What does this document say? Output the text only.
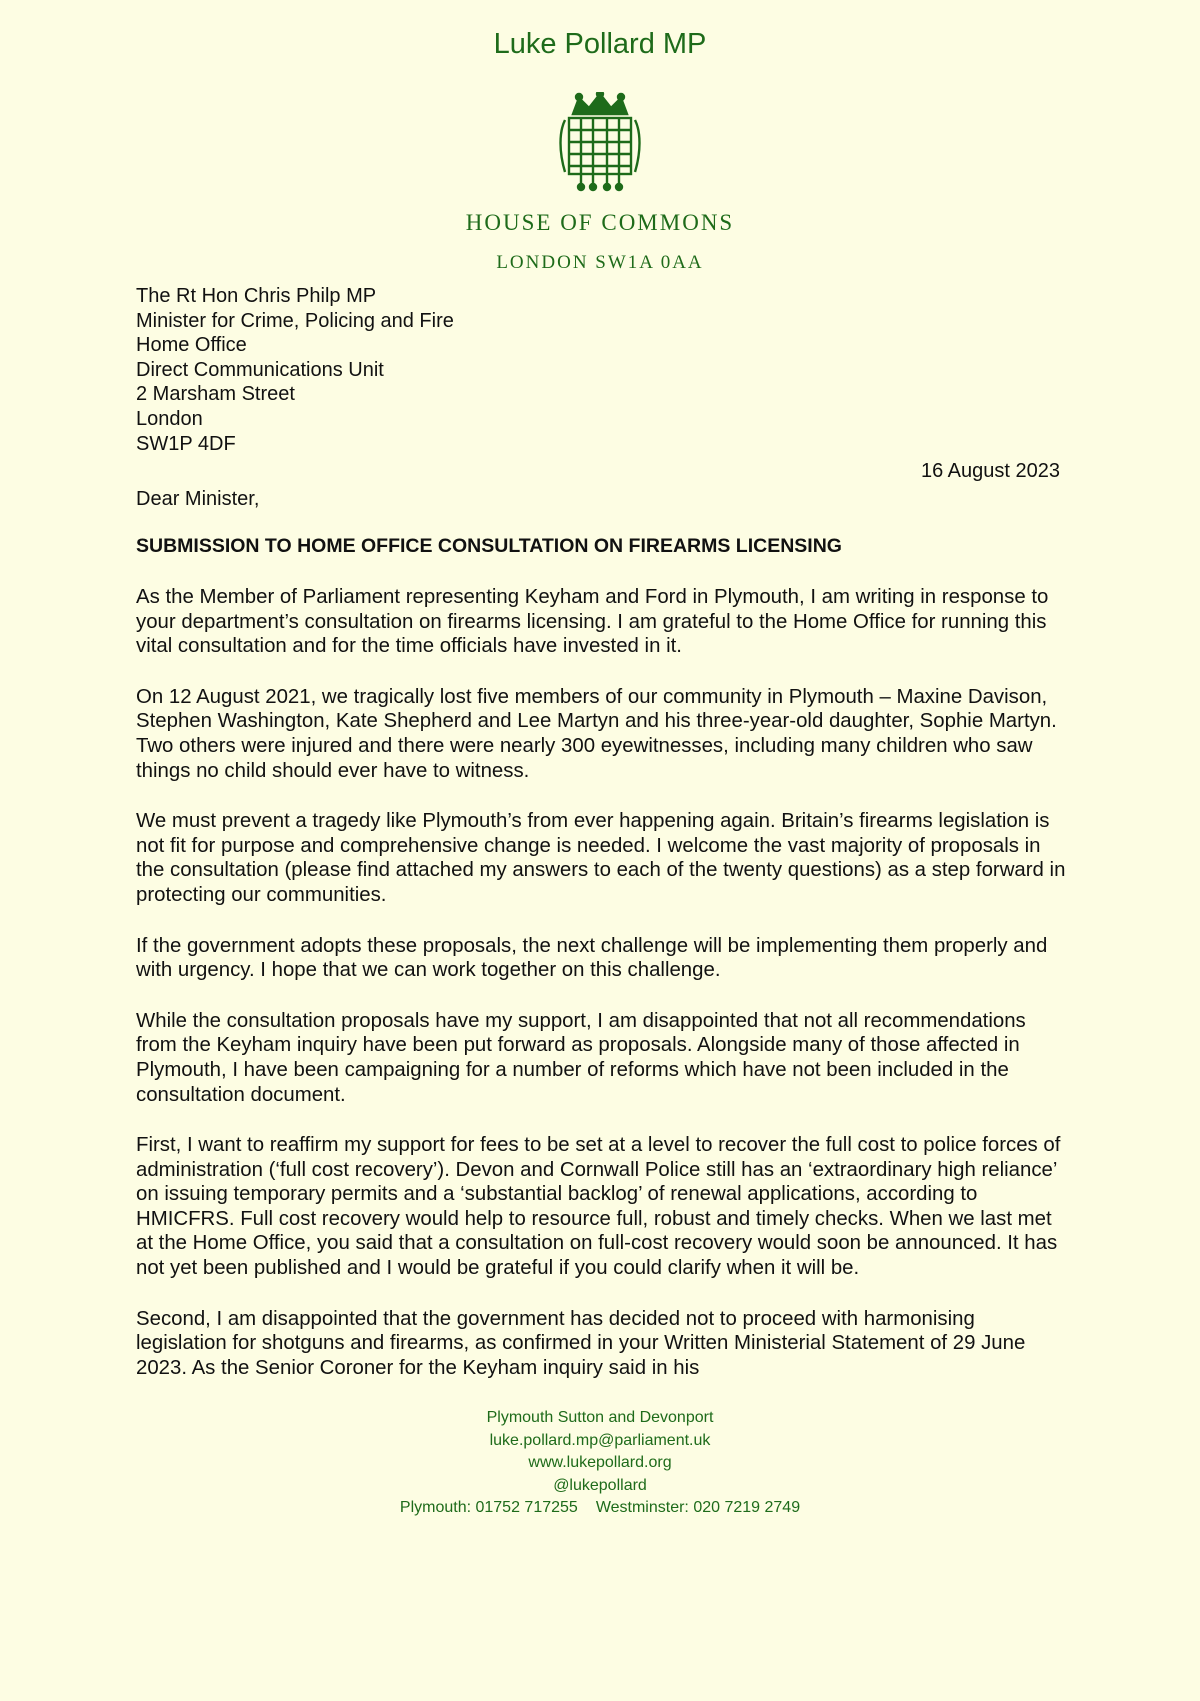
Luke Pollard MP
HOUSE OF COMMONS
LONDON SW1A 0AA
The Rt Hon Chris Philp MP
Minister for Crime, Policing and Fire
Home Office
Direct Communications Unit
2 Marsham Street
London
SW1P 4DF
16 August 2023
Dear Minister,
SUBMISSION TO HOME OFFICE CONSULTATION ON FIREARMS LICENSING

As the Member of Parliament representing Keyham and Ford in Plymouth, I am writing in response to your department’s consultation on firearms licensing. I am grateful to the Home Office for running this vital consultation and for the time officials have invested in it.

On 12 August 2021, we tragically lost five members of our community in Plymouth – Maxine Davison, Stephen Washington, Kate Shepherd and Lee Martyn and his three-year-old daughter, Sophie Martyn. Two others were injured and there were nearly 300 eyewitnesses, including many children who saw things no child should ever have to witness.

We must prevent a tragedy like Plymouth’s from ever happening again. Britain’s firearms legislation is not fit for purpose and comprehensive change is needed. I welcome the vast majority of proposals in the consultation (please find attached my answers to each of the twenty questions) as a step forward in protecting our communities.

If the government adopts these proposals, the next challenge will be implementing them properly and with urgency. I hope that we can work together on this challenge.

While the consultation proposals have my support, I am disappointed that not all recommendations from the Keyham inquiry have been put forward as proposals. Alongside many of those affected in Plymouth, I have been campaigning for a number of reforms which have not been included in the consultation document.

First, I want to reaffirm my support for fees to be set at a level to recover the full cost to police forces of administration (‘full cost recovery’). Devon and Cornwall Police still has an ‘extraordinary high reliance’ on issuing temporary permits and a ‘substantial backlog’ of renewal applications, according to HMICFRS. Full cost recovery would help to resource full, robust and timely checks. When we last met at the Home Office, you said that a consultation on full-cost recovery would soon be announced. It has not yet been published and I would be grateful if you could clarify when it will be.

Second, I am disappointed that the government has decided not to proceed with harmonising legislation for shotguns and firearms, as confirmed in your Written Ministerial Statement of 29 June 2023. As the Senior Coroner for the Keyham inquiry said in his

Plymouth Sutton and Devonport
luke.pollard.mp@parliament.uk
www.lukepollard.org
@lukepollard
Plymouth: 01752 717255 Westminster: 020 7219 2749
